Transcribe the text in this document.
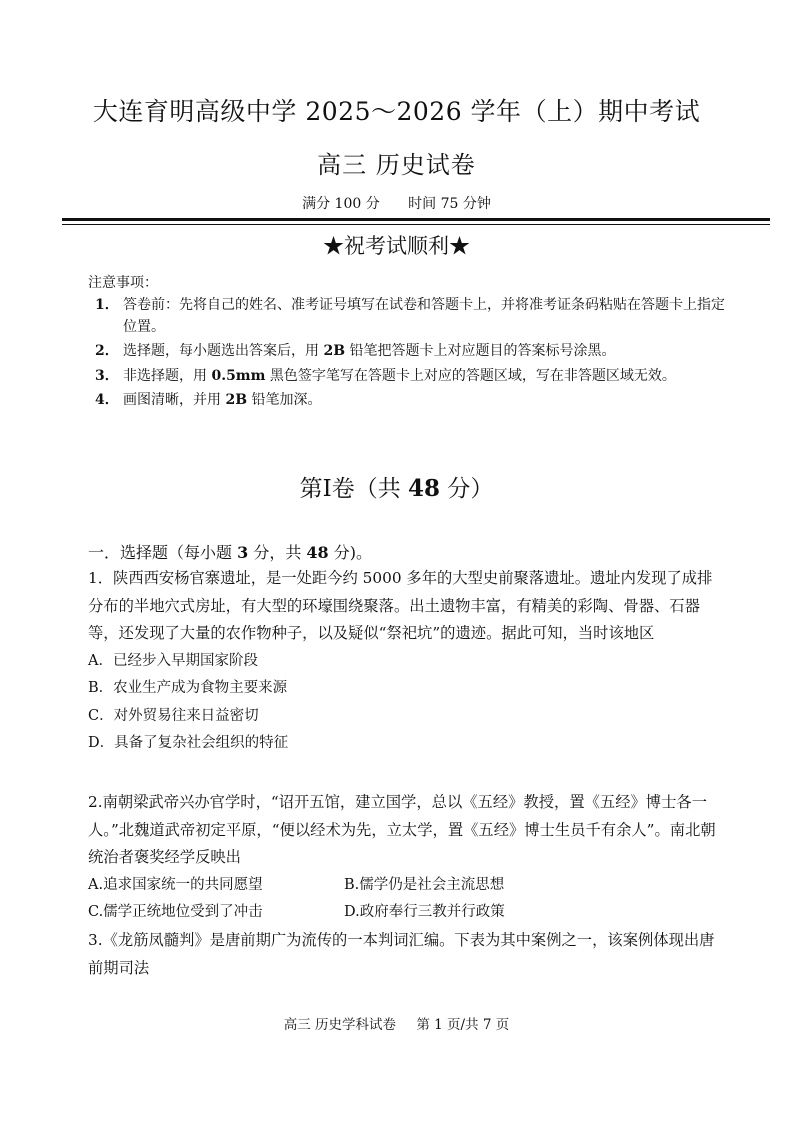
大连育明高级中学 2025～2026 学年（上）期中考试
高三 历史试卷
满分 100 分 时间 75 分钟
★祝考试顺利★
注意事项：
1． 答卷前：先将自己的姓名、准考证号填写在试卷和答题卡上，并将准考证条码粘贴在答题卡上指定位置。
2． 选择题，每小题选出答案后，用 2B 铅笔把答题卡上对应题目的答案标号涂黑。
3． 非选择题，用 0.5mm 黑色签字笔写在答题卡上对应的答题区域，写在非答题区域无效。
4． 画图清晰，并用 2B 铅笔加深。
第Ⅰ卷（共 48 分）
一．选择题（每小题 3 分，共 48 分)。
1．陕西西安杨官寨遗址，是一处距今约 5000 多年的大型史前聚落遗址。遗址内发现了成排分布的半地穴式房址，有大型的环壕围绕聚落。出土遗物丰富，有精美的彩陶、骨器、石器等，还发现了大量的农作物种子，以及疑似“祭祀坑”的遗迹。据此可知，当时该地区
A．已经步入早期国家阶段
B．农业生产成为食物主要来源
C．对外贸易往来日益密切
D．具备了复杂社会组织的特征
2.南朝梁武帝兴办官学时，“诏开五馆，建立国学，总以《五经》教授，置《五经》博士各一人。”北魏道武帝初定平原，“便以经术为先，立太学，置《五经》博士生员千有余人”。南北朝统治者褒奖经学反映出
A.追求国家统一的共同愿望	B.儒学仍是社会主流思想
C.儒学正统地位受到了冲击	D.政府奉行三教并行政策
3.《龙筋凤髓判》是唐前期广为流传的一本判词汇编。下表为其中案例之一，该案例体现出唐前期司法
高三 历史学科试卷 第 1 页/共 7 页
